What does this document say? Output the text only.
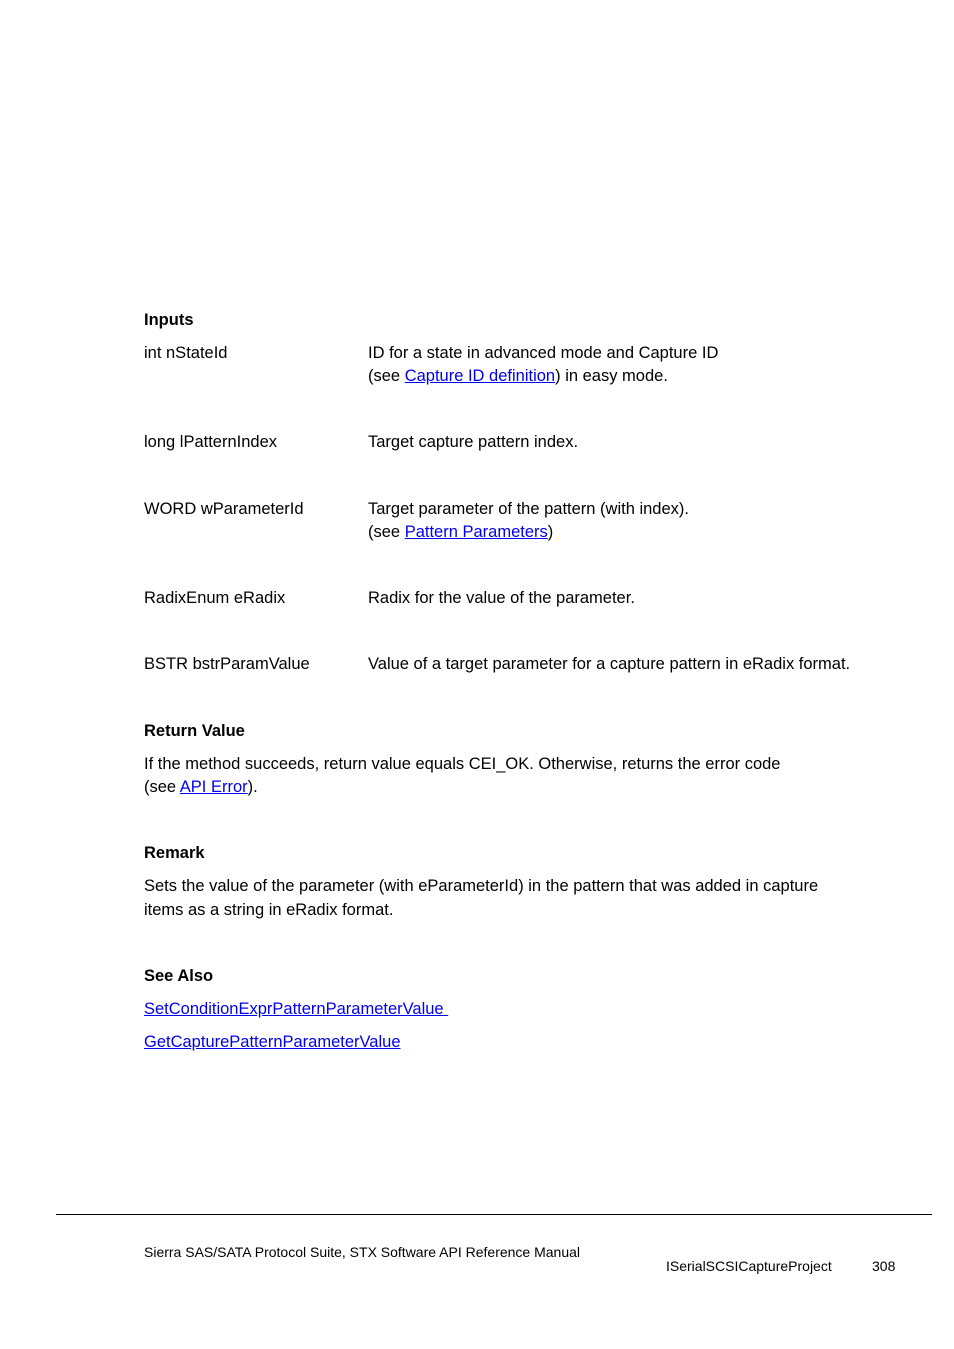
Inputs
int nStateId	ID for a state in advanced mode and Capture ID
(see Capture ID definition) in easy mode.
long lPatternIndex	Target capture pattern index.
WORD wParameterId	Target parameter of the pattern (with index).
(see Pattern Parameters)
RadixEnum eRadix	Radix for the value of the parameter.
BSTR bstrParamValue	Value of a target parameter for a capture pattern in eRadix format.
Return Value
If the method succeeds, return value equals CEI_OK. Otherwise, returns the error code
(see API Error).
Remark
Sets the value of the parameter (with eParameterId) in the pattern that was added in capture
items as a string in eRadix format.
See Also
SetConditionExprPatternParameterValue
GetCapturePatternParameterValue
Sierra SAS/SATA Protocol Suite, STX Software API Reference Manual
ISerialSCSICaptureProject	308
